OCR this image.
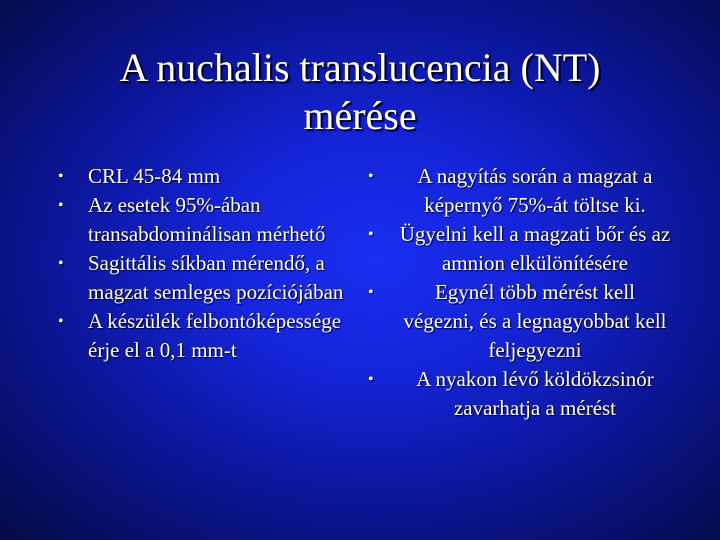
A nuchalis translucencia (NT)
mérése
• CRL 45-84 mm
• Az esetek 95%-ában transabdominálisan mérhető
• Sagittális síkban mérendő, a magzat semleges pozíciójában
• A készülék felbontóképessége érje el a 0,1 mm-t
• A nagyítás során a magzat a képernyő 75%-át töltse ki.
• Ügyelni kell a magzati bőr és az amnion elkülönítésére
•	Egynél több mérést kell végezni, és a legnagyobbat kell feljegyezni
• A nyakon lévő köldökzsinór zavarhatja a mérést
